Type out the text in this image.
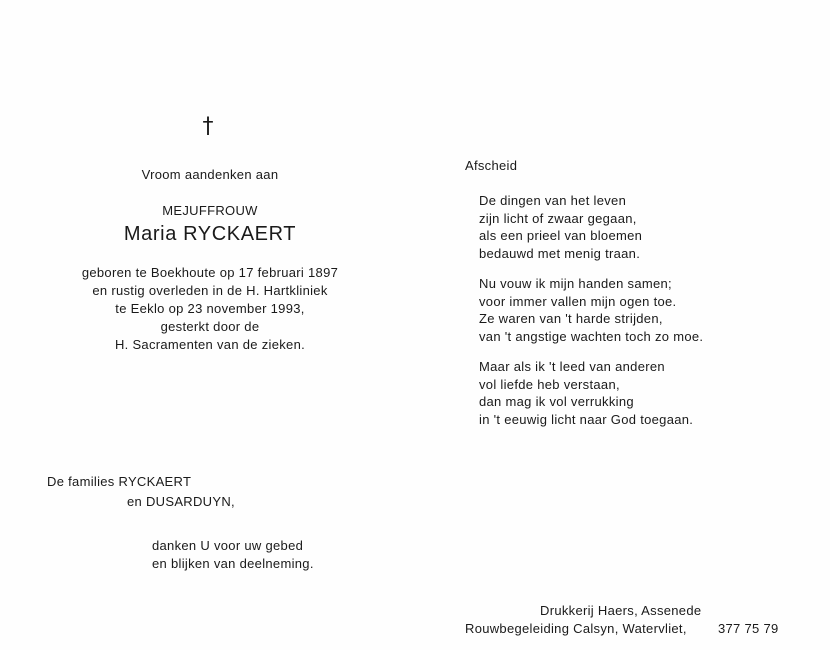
†
Vroom aandenken aan
MEJUFFROUW
Maria RYCKAERT
geboren te Boekhoute op 17 februari 1897
en rustig overleden in de H. Hartkliniek
te Eeklo op 23 november 1993,
gesterkt door de
H. Sacramenten van de zieken.
De families RYCKAERT
en DUSARDUYN,
danken U voor uw gebed
en blijken van deelneming.
Afscheid
De dingen van het leven
zijn licht of zwaar gegaan,
als een prieel van bloemen
bedauwd met menig traan.
Nu vouw ik mijn handen samen;
voor immer vallen mijn ogen toe.
Ze waren van 't harde strijden,
van 't angstige wachten toch zo moe.
Maar als ik 't leed van anderen
vol liefde heb verstaan,
dan mag ik vol verrukking
in 't eeuwig licht naar God toegaan.
Drukkerij Haers, Assenede
Rouwbegeleiding Calsyn, Watervliet, 377 75 79
